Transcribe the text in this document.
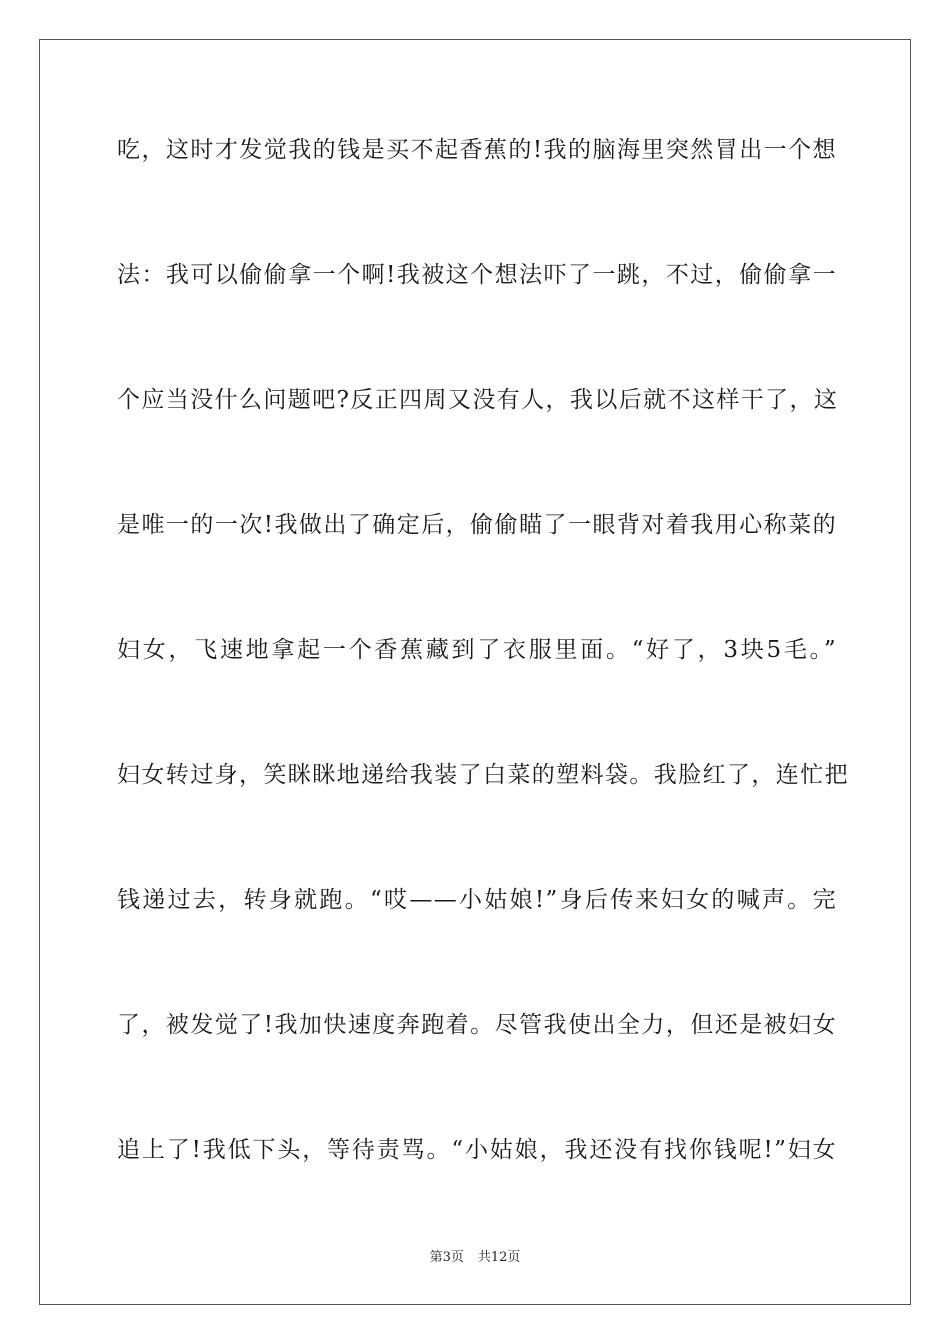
吃，这时才发觉我的钱是买不起香蕉的!我的脑海里突然冒出一个想
法：我可以偷偷拿一个啊!我被这个想法吓了一跳，不过，偷偷拿一
个应当没什么问题吧?反正四周又没有人，我以后就不这样干了，这
是唯一的一次!我做出了确定后，偷偷瞄了一眼背对着我用心称菜的
妇女，飞速地拿起一个香蕉藏到了衣服里面。“好了，3块5毛。”
妇女转过身，笑眯眯地递给我装了白菜的塑料袋。我脸红了，连忙把
钱递过去，转身就跑。“哎——小姑娘!”身后传来妇女的喊声。完
了，被发觉了!我加快速度奔跑着。尽管我使出全力，但还是被妇女
追上了!我低下头，等待责骂。“小姑娘，我还没有找你钱呢!”妇女
第3页 共12页
